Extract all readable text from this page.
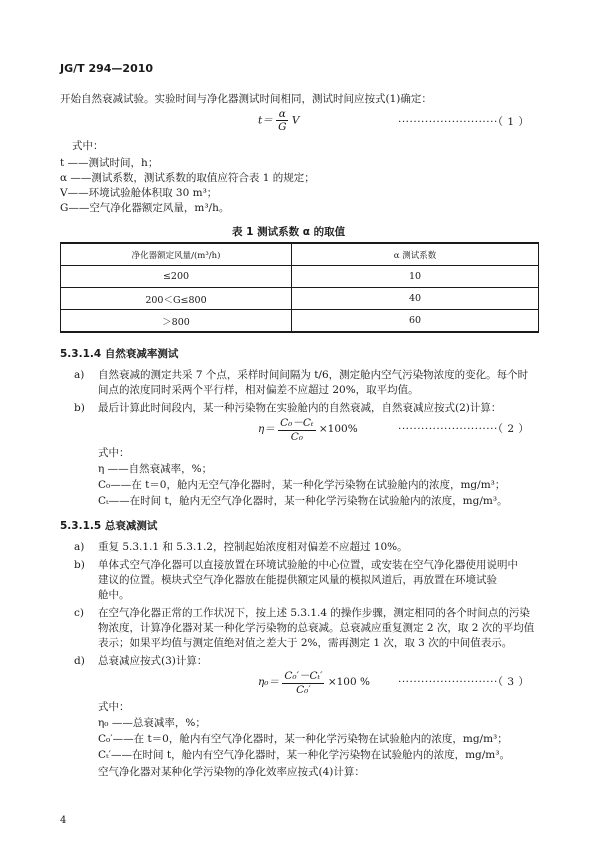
JG/T 294—2010
开始自然衰减试验。实验时间与净化器测试时间相同，测试时间应按式(1)确定：
$t= \frac{\alpha}{G}$ V	··························（ 1 ）
式中：
t ——测试时间，h；
α ——测试系数，测试系数的取值应符合表 1 的规定；
V——环境试验舱体积取 30 m³；
G——空气净化器额定风量，m³/h。
表 1 测试系数 α 的取值
净化器额定风量/(m³/h)	α 测试系数
≤200	10
200＜G≤800	40
＞800	60
5.3.1.4 自然衰减率测试
a) 自然衰减的测定共采 7 个点，采样时间间隔为 t/6，测定舱内空气污染物浓度的变化。每个时
间点的浓度同时采两个平行样，相对偏差不应超过 20%，取平均值。
b) 最后计算此时间段内，某一种污染物在实验舱内的自然衰减，自然衰减应按式(2)计算：
$\eta= \frac{\text{C₀－Cₜ}}{\text{C₀}} \times 100\%$	··························（ 2 ）
式中：
η ——自然衰减率，%；
C₀——在 t＝0，舱内无空气净化器时，某一种化学污染物在试验舱内的浓度，mg/m³；
Cₜ——在时间 t，舱内无空气净化器时，某一种化学污染物在试验舱内的浓度，mg/m³。
5.3.1.5 总衰减测试
a) 重复 5.3.1.1 和 5.3.1.2，控制起始浓度相对偏差不应超过 10%。
b) 单体式空气净化器可以直接放置在环境试验舱的中心位置，或安装在空气净化器使用说明中
建议的位置。模块式空气净化器放在能提供额定风量的模拟风道后，再放置在环境试验
舱中。
c) 在空气净化器正常的工作状况下，按上述 5.3.1.4 的操作步骤，测定相同的各个时间点的污染
物浓度，计算净化器对某一种化学污染物的总衰减。总衰减应重复测定 2 次，取 2 次的平均值
表示；如果平均值与测定值绝对值之差大于 2%，需再测定 1 次，取 3 次的中间值表示。
d) 总衰减应按式(3)计算：
$\eta_0= \frac{\text{C₀′－Cₜ′}}{\text{C₀′}} \times 100$ %	··························（ 3 ）
式中：
η₀ ——总衰减率，%；
C₀′——在 t＝0，舱内有空气净化器时，某一种化学污染物在试验舱内的浓度，mg/m³；
Cₜ′——在时间 t，舱内有空气净化器时，某一种化学污染物在试验舱内的浓度，mg/m³。
空气净化器对某种化学污染物的净化效率应按式(4)计算：
4
